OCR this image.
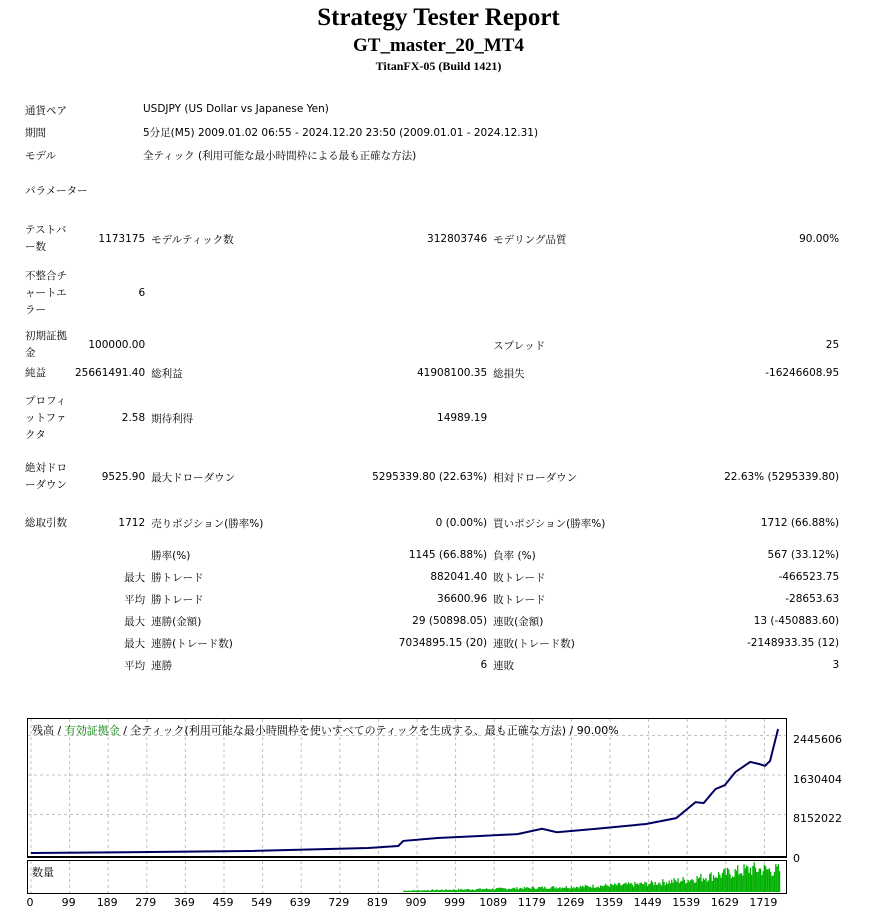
Strategy Tester Report
GT_master_20_MT4
TitanFX-05 (Build 1421)
通貨ペア	USDJPY (US Dollar vs Japanese Yen)
期間	5分足(M5) 2009.01.02 06:55 - 2024.12.20 23:50 (2009.01.01 - 2024.12.31)
モデル	全ティック (利用可能な最小時間枠による最も正確な方法)
パラメーター
テストバー数	1173175	モデルティック数	312803746	モデリング品質	90.00%
不整合チャートエラー	6				
初期証拠金	100000.00			スプレッド	25
純益	25661491.40	総利益	41908100.35	総損失	-16246608.95
プロフィットファクタ	2.58	期待利得	14989.19		
絶対ドローダウン	9525.90	最大ドローダウン	5295339.80 (22.63%)	相対ドローダウン	22.63% (5295339.80)
総取引数	1712	売りポジション(勝率%)	0 (0.00%)	買いポジション(勝率%)	1712 (66.88%)
		勝率(%)	1145 (66.88%)	負率 (%)	567 (33.12%)
	最大	勝トレード	882041.40	敗トレード	-466523.75
	平均	勝トレード	36600.96	敗トレード	-28653.63
	最大	連勝(金額)	29 (50898.05)	連敗(金額)	13 (-450883.60)
	最大	連勝(トレード数)	7034895.15 (20)	連敗(トレード数)	-2148933.35 (12)
	平均	連勝	6	連敗	3
残高 / 有効証拠金 / 全ティック(利用可能な最小時間枠を使いすべてのティックを生成する、最も正確な方法) / 90.00%
数量
2445606
1630404
8152022
0
0	99 189 279 369 459 549 639 729 819 909 999 1089 1179 1269 1359 1449 1539 1629 1719
